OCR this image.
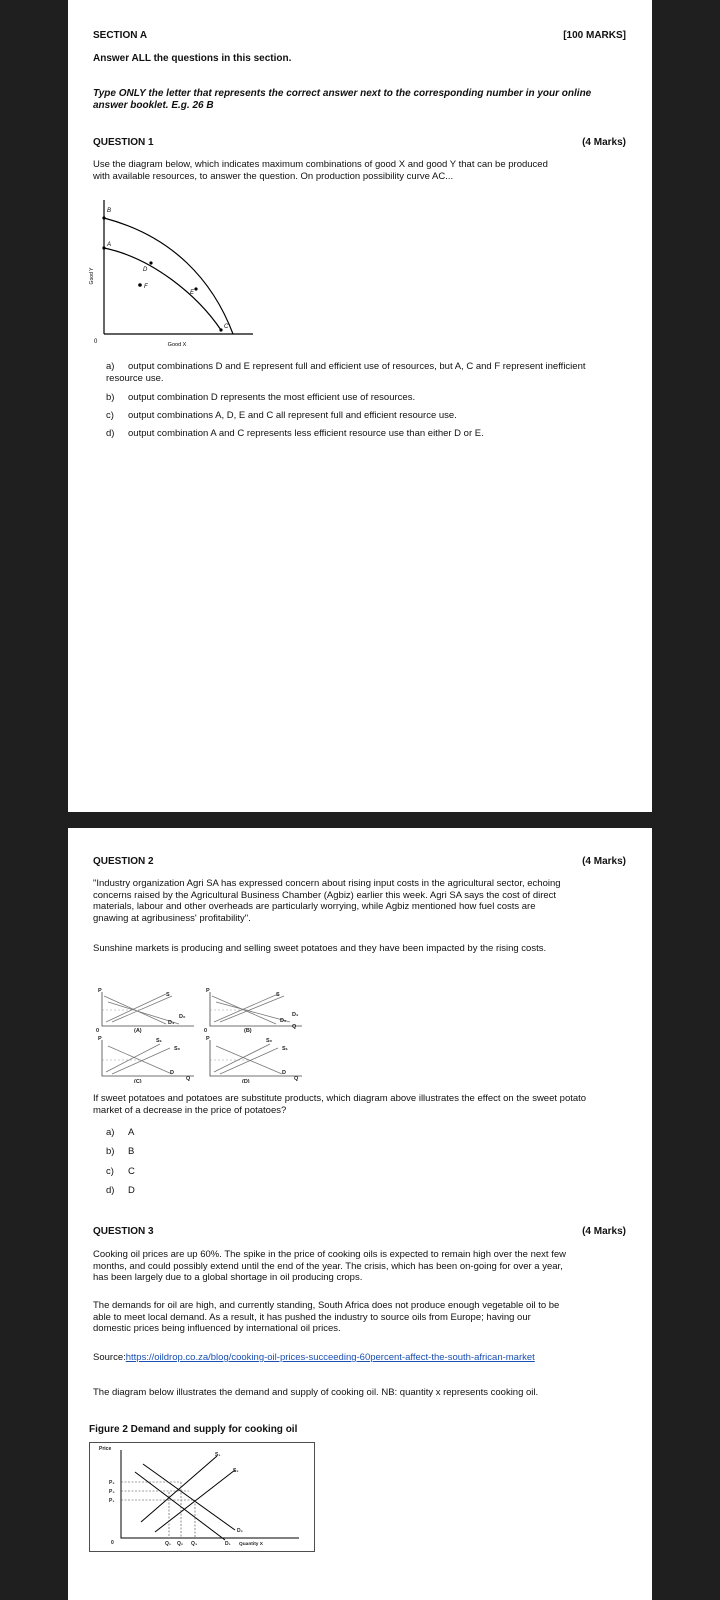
SECTION A	[100 MARKS]
Answer ALL the questions in this section.
Type ONLY the letter that represents the correct answer next to the corresponding number in your online answer booklet. E.g. 26 B
QUESTION 1	(4 Marks)
Use the diagram below, which indicates maximum combinations of good X and good Y that can be produced with available resources, to answer the question. On production possibility curve AC...
B
A
D
F
E
C
Good Y
Good X
0
a) output combinations D and E represent full and efficient use of resources, but A, C and F represent inefficient resource use.
b) output combination D represents the most efficient use of resources.
c) output combinations A, D, E and C all represent full and efficient resource use.
d) output combination A and C represents less efficient resource use than either D or E.
QUESTION 2	(4 Marks)
"Industry organization Agri SA has expressed concern about rising input costs in the agricultural sector, echoing concerns raised by the Agricultural Business Chamber (Agbiz) earlier this week. Agri SA says the cost of direct materials, labour and other overheads are particularly worrying, while Agbiz mentioned how fuel costs are gnawing at agribusiness' profitability".
Sunshine markets is producing and selling sweet potatoes and they have been impacted by the rising costs.
P
0	(A)
S
D₀
D₁
P
0	(B)
S
D₁
D₀
Q
P
(C)
S₁
S₀
D
Q
P
(D)
S₀
S₁
D
Q
If sweet potatoes and potatoes are substitute products, which diagram above illustrates the effect on the sweet potato market of a decrease in the price of potatoes?
a) A
b) B
c) C
d) D
QUESTION 3	(4 Marks)
Cooking oil prices are up 60%. The spike in the price of cooking oils is expected to remain high over the next few months, and could possibly extend until the end of the year. The crisis, which has been on-going for over a year, has been largely due to a global shortage in oil producing crops.
The demands for oil are high, and currently standing, South Africa does not produce enough vegetable oil to be able to meet local demand. As a result, it has pushed the industry to source oils from Europe; having our domestic prices being influenced by international oil prices.
Source:https://oildrop.co.za/blog/cooking-oil-prices-succeeding-60percent-affect-the-south-african-market
The diagram below illustrates the demand and supply of cooking oil. NB: quantity x represents cooking oil.
Figure 2 Demand and supply for cooking oil
Price
P₂
P₃
P₁
0	Q₁ Q₂ Q₃	Quantity X
S₁
S₂
D₂
D₁
